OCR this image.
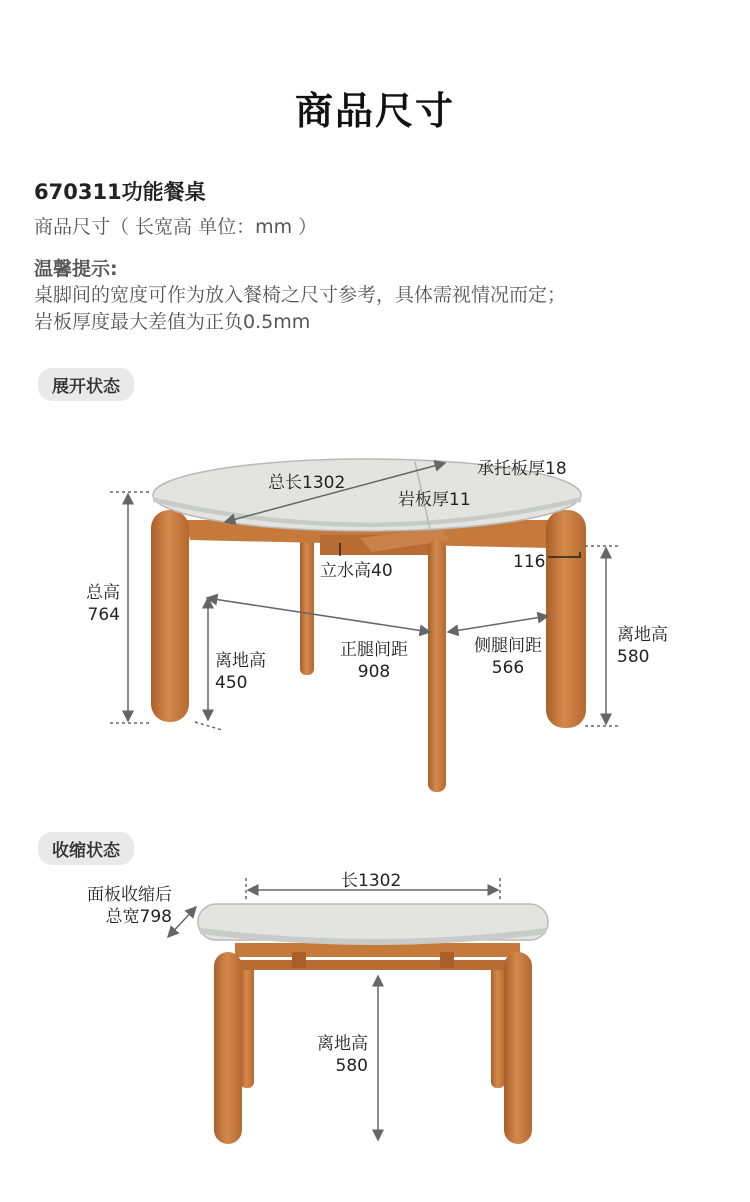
商品尺寸
670311功能餐桌
商品尺寸（ 长宽高 单位：mm ）
温馨提示:
桌脚间的宽度可作为放入餐椅之尺寸参考，具体需视情况而定；
岩板厚度最大差值为正负0.5mm
展开状态
收缩状态
总长1302
承托板厚18
岩板厚11
立水高40	116
总高
764
离地高
450
正腿间距
908
侧腿间距
566
离地高
580
长1302
面板收缩后
总宽798
离地高
580
